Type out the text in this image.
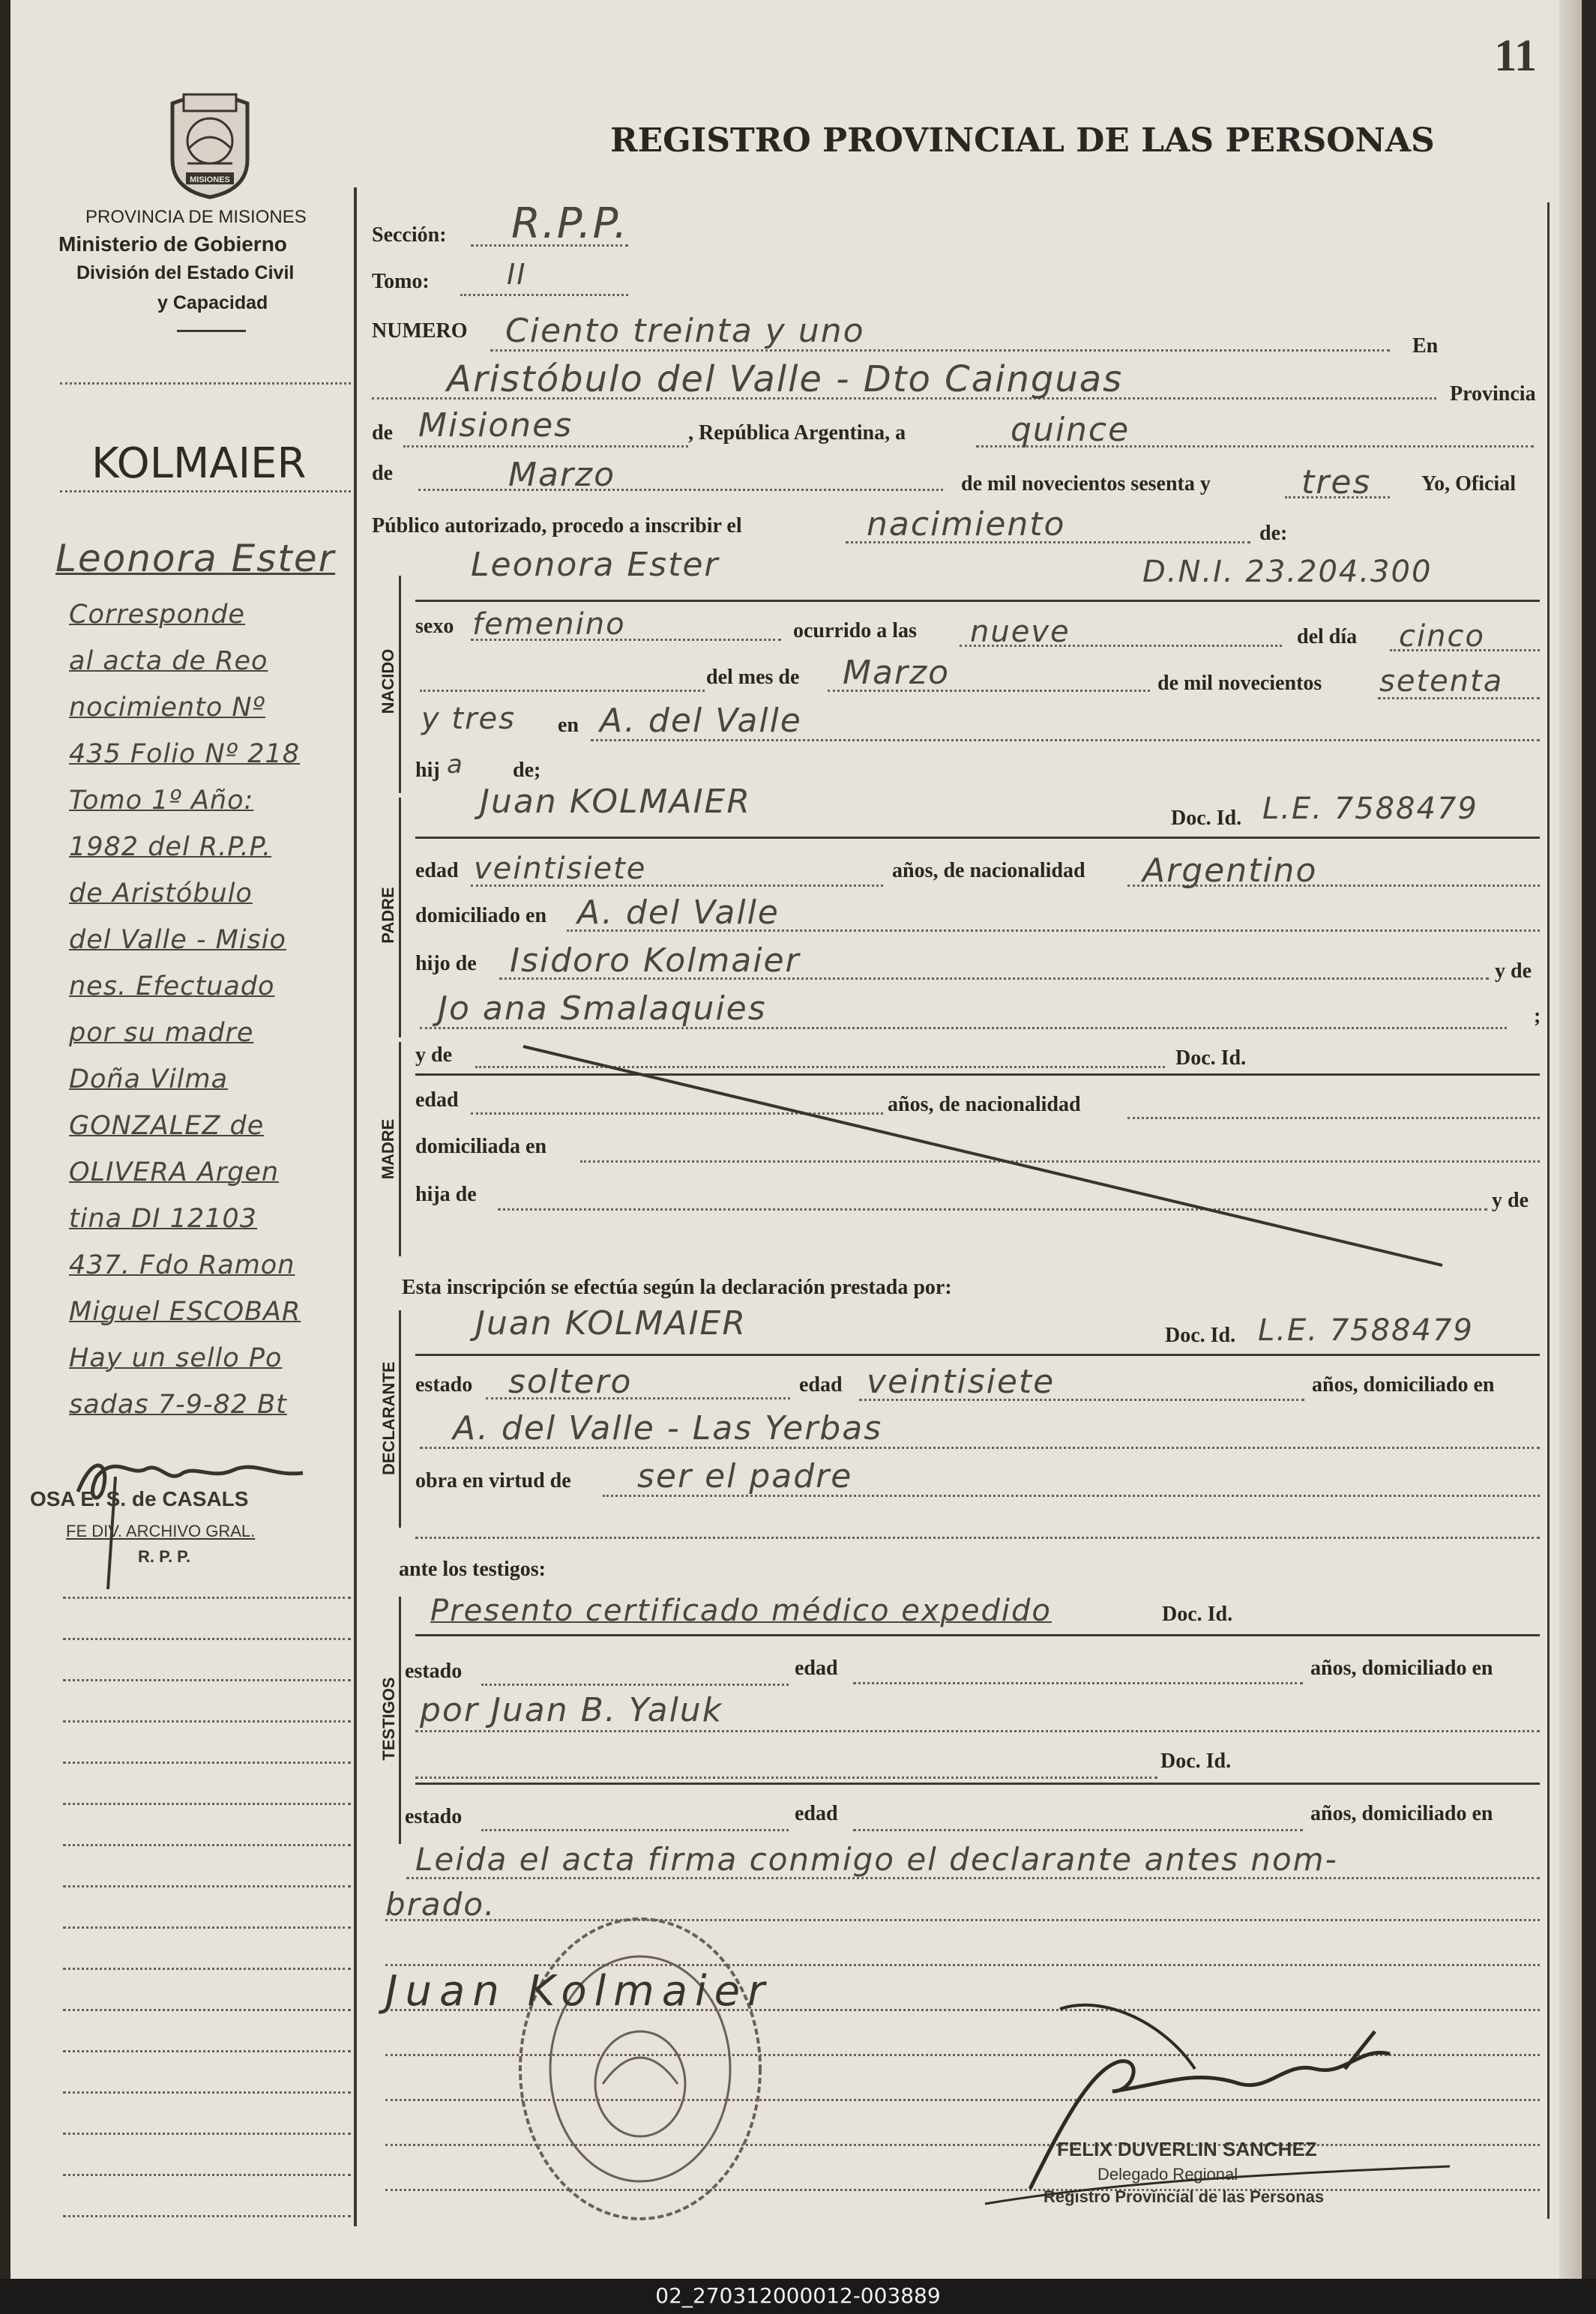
11
MISIONES
REGISTRO PROVINCIAL DE LAS PERSONAS
PROVINCIA DE MISIONES
Ministerio de Gobierno
División del Estado Civil
y Capacidad
KOLMAIER
Leonora Ester
Corresponde
al acta de Reo
nocimiento Nº
435 Folio Nº 218
Tomo 1º Año:
1982 del R.P.P.
de Aristóbulo
del Valle - Misio
nes. Efectuado
por su madre
Doña Vilma
GONZALEZ de
OLIVERA Argen
tina DI 12103
437. Fdo Ramon
Miguel ESCOBAR
Hay un sello Po
sadas 7-9-82 Bt
OSA E. S. de CASALS
FE DIV. ARCHIVO GRAL.
R. P. P.
Sección: R.P.P.
Tomo:	II
NUMERO Ciento treinta y uno	En
Aristóbulo del Valle - Dto Cainguas	Provincia
de Misiones	, República Argentina, a	quince
de	Marzo	de mil novecientos sesenta y	tres Yo, Oficial
Público autorizado, procedo a inscribir el	nacimiento	de:
NACIDO
Leonora Ester	D.N.I. 23.204.300
sexo femenino	ocurrido a las nueve	del día cinco
del mes de Marzo	de mil novecientos setenta
y tres en A. del Valle
hij a de;
PADRE
Juan KOLMAIER	Doc. Id. L.E. 7588479
edad veintisiete	años, de nacionalidad Argentino
domiciliado en A. del Valle
hijo de Isidoro Kolmaier	y de
Jo ana Smalaquies	;
MADRE
y de	Doc. Id.
edad	años, de nacionalidad
domiciliada en
hija de	y de
Esta inscripción se efectúa según la declaración prestada por:
DECLARANTE
Juan KOLMAIER	Doc. Id. L.E. 7588479
estado soltero	edad veintisiete	años, domiciliado en
A. del Valle - Las Yerbas
obra en virtud de ser el padre
ante los testigos:
TESTIGOS
Presento certificado médico expedido	Doc. Id.
estado	edad	años, domiciliado en
por Juan B. Yaluk
Doc. Id.
estado	edad	años, domiciliado en
Leida el acta firma conmigo el declarante antes nom-
brado.
Juan Kolmaier
FELIX DUVERLIN SANCHEZ
Delegado Regional
Registro Provincial de las Personas
02_270312000012-003889
